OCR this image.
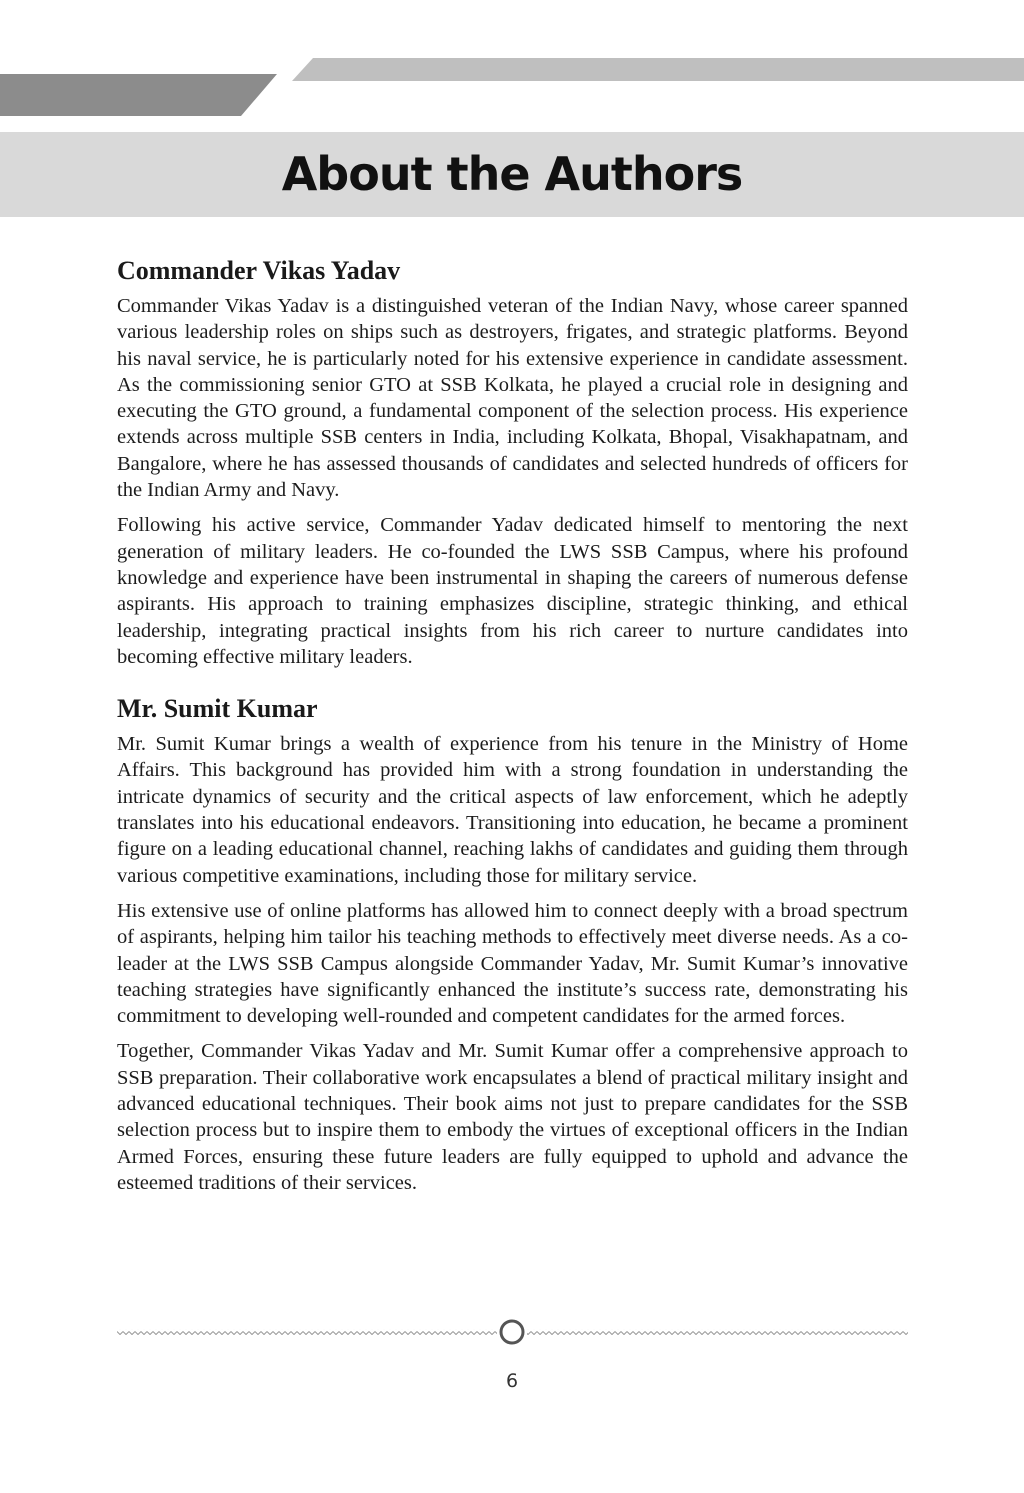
About the Authors
Commander Vikas Yadav

Commander Vikas Yadav is a distinguished veteran of the Indian Navy, whose career spanned various leadership roles on ships such as destroyers, frigates, and strategic platforms. Beyond his naval service, he is particularly noted for his extensive experience in candidate assessment. As the commissioning senior GTO at SSB Kolkata, he played a crucial role in designing and executing the GTO ground, a fundamental component of the selection process. His experience extends across multiple SSB centers in India, including Kolkata, Bhopal, Visakhapatnam, and Bangalore, where he has assessed thousands of candidates and selected hundreds of officers for the Indian Army and Navy.

Following his active service, Commander Yadav dedicated himself to mentoring the next generation of military leaders. He co-founded the LWS SSB Campus, where his profound knowledge and experience have been instrumental in shaping the careers of numerous defense aspirants. His approach to training emphasizes discipline, strategic thinking, and ethical leadership, integrating practical insights from his rich career to nurture candidates into becoming effective military leaders.

Mr. Sumit Kumar

Mr. Sumit Kumar brings a wealth of experience from his tenure in the Ministry of Home Affairs. This background has provided him with a strong foundation in understanding the intricate dynamics of security and the critical aspects of law enforcement, which he adeptly translates into his educational endeavors. Transitioning into education, he became a prominent figure on a leading educational channel, reaching lakhs of candidates and guiding them through various competitive examinations, including those for military service.

His extensive use of online platforms has allowed him to connect deeply with a broad spectrum of aspirants, helping him tailor his teaching methods to effectively meet diverse needs. As a co-leader at the LWS SSB Campus alongside Commander Yadav, Mr. Sumit Kumar’s innovative teaching strategies have significantly enhanced the institute’s success rate, demonstrating his commitment to developing well-rounded and competent candidates for the armed forces.

Together, Commander Vikas Yadav and Mr. Sumit Kumar offer a comprehensive approach to SSB preparation. Their collaborative work encapsulates a blend of practical military insight and advanced educational techniques. Their book aims not just to prepare candidates for the SSB selection process but to inspire them to embody the virtues of exceptional officers in the Indian Armed Forces, ensuring these future leaders are fully equipped to uphold and advance the esteemed traditions of their services.

6
